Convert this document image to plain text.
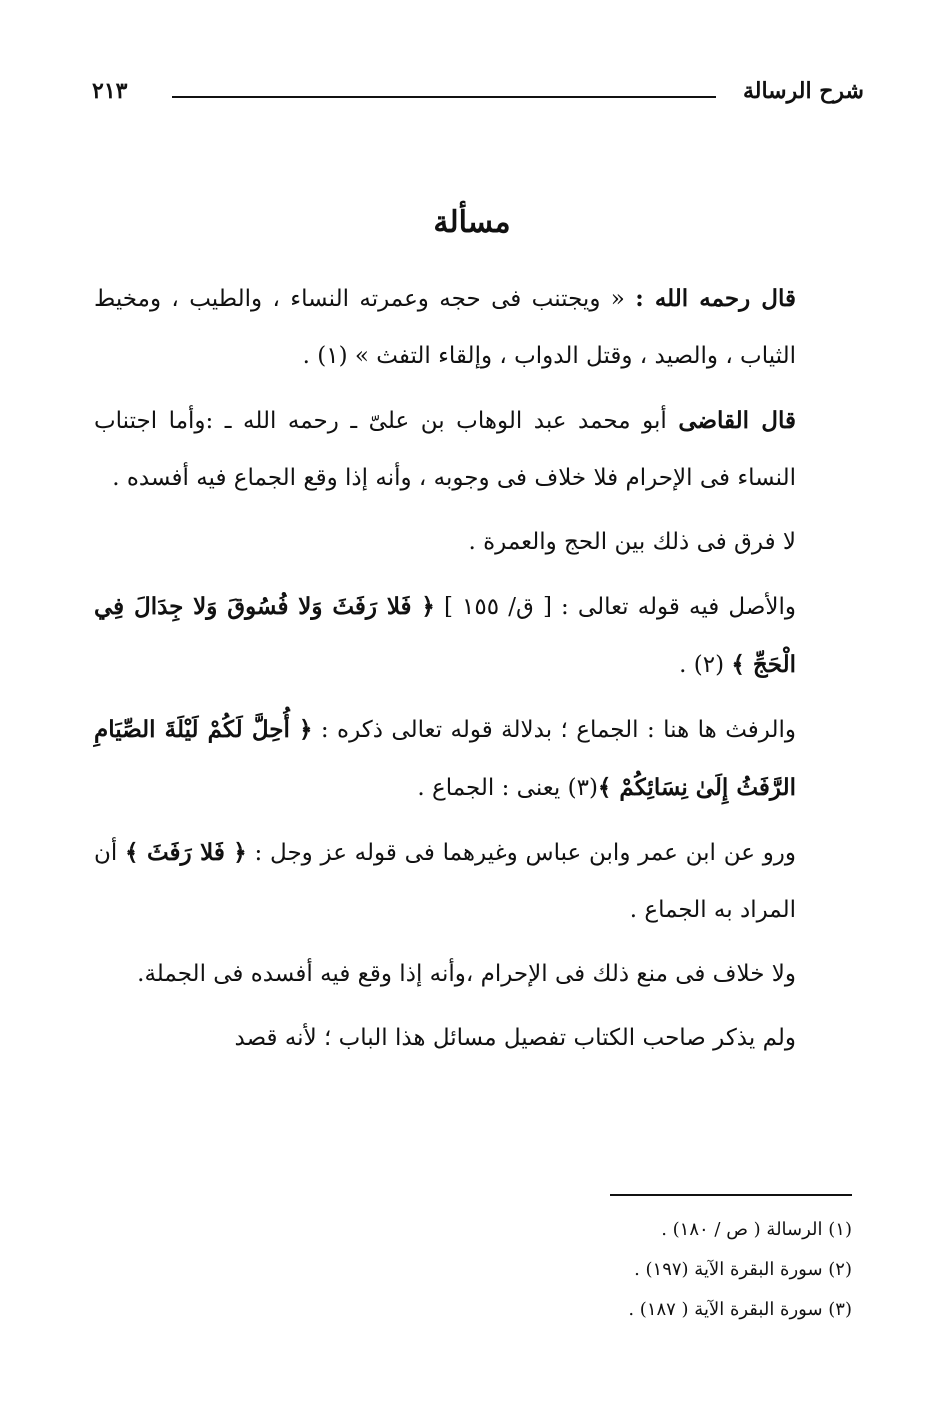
شرح الرسالة
٢١٣
مسألة

قال رحمه الله : « ويجتنب فى حجه وعمرته النساء ، والطيب ، ومخيط الثياب ، والصيد ، وقتل الدواب ، وإلقاء التفث » (١) .

قال القاضى أبو محمد عبد الوهاب بن علىّ ـ رحمه الله ـ :وأما اجتناب النساء فى الإحرام فلا خلاف فى وجوبه ، وأنه إذا وقع الجماع فيه أفسده .

لا فرق فى ذلك بين الحج والعمرة .

والأصل فيه قوله تعالى : [ ق/ ١٥٥ ] ﴿ فَلا رَفَثَ وَلا فُسُوقَ وَلا جِدَالَ فِي الْحَجِّ ﴾ (٢) .

والرفث ها هنا : الجماع ؛ بدلالة قوله تعالى ذكره : ﴿ أُحِلَّ لَكُمْ لَيْلَةَ الصِّيَامِ الرَّفَثُ إِلَىٰ نِسَائِكُمْ ﴾(٣) يعنى : الجماع .

ورو عن ابن عمر وابن عباس وغيرهما فى قوله عز وجل : ﴿ فَلا رَفَثَ ﴾ أن المراد به الجماع .

ولا خلاف فى منع ذلك فى الإحرام ،وأنه إذا وقع فيه أفسده فى الجملة.

ولم يذكر صاحب الكتاب تفصيل مسائل هذا الباب ؛ لأنه قصد

(١) الرسالة ( ص / ١٨٠) .
(٢) سورة البقرة الآية (١٩٧) .
(٣) سورة البقرة الآية ( ١٨٧) .
